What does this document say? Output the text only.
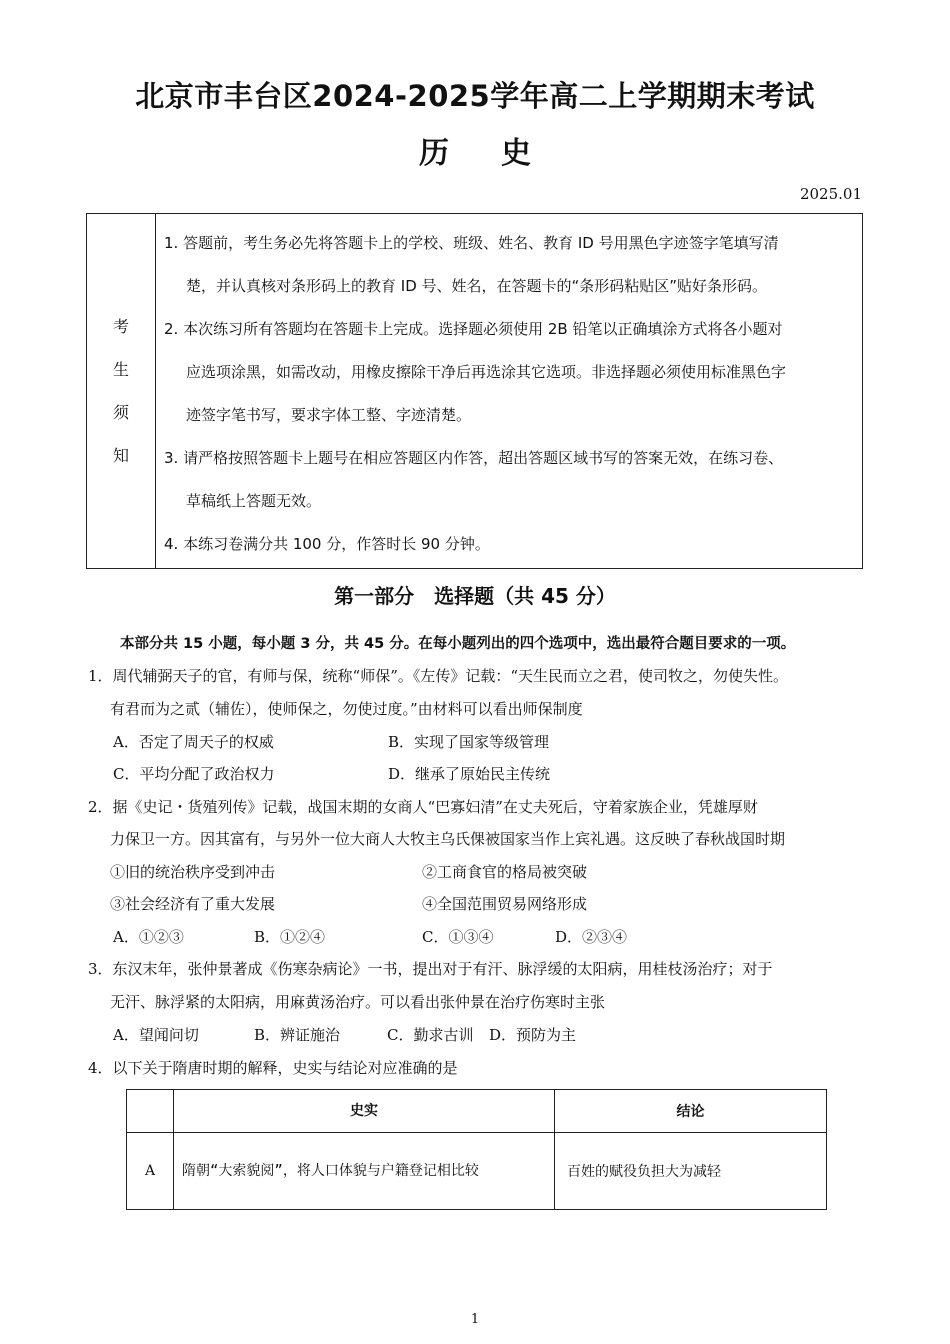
北京市丰台区2024-2025学年高二上学期期末考试
历史
2025.01
考
生
须
知
1. 答题前，考生务必先将答题卡上的学校、班级、姓名、教育 ID 号用黑色字迹签字笔填写清
楚，并认真核对条形码上的教育 ID 号、姓名，在答题卡的“条形码粘贴区”贴好条形码。
2. 本次练习所有答题均在答题卡上完成。选择题必须使用 2B 铅笔以正确填涂方式将各小题对
应选项涂黑，如需改动，用橡皮擦除干净后再选涂其它选项。非选择题必须使用标准黑色字
迹签字笔书写，要求字体工整、字迹清楚。
3. 请严格按照答题卡上题号在相应答题区内作答，超出答题区域书写的答案无效，在练习卷、
草稿纸上答题无效。
4. 本练习卷满分共 100 分，作答时长 90 分钟。
第一部分　选择题（共 45 分）
本部分共 15 小题，每小题 3 分，共 45 分。在每小题列出的四个选项中，选出最符合题目要求的一项。
1．周代辅弼天子的官，有师与保，统称“师保”。《左传》记载：“天生民而立之君，使司牧之，勿使失性。
有君而为之贰（辅佐），使师保之，勿使过度。”由材料可以看出师保制度
A．否定了周天子的权威	B．实现了国家等级管理
C．平均分配了政治权力	D．继承了原始民主传统
2．据《史记・货殖列传》记载，战国末期的女商人“巴寡妇清”在丈夫死后，守着家族企业，凭雄厚财
力保卫一方。因其富有，与另外一位大商人大牧主乌氏倮被国家当作上宾礼遇。这反映了春秋战国时期
①旧的统治秩序受到冲击	②工商食官的格局被突破
③社会经济有了重大发展	④全国范围贸易网络形成
A．①②③	B．①②④	C．①③④	D．②③④
3．东汉末年，张仲景著成《伤寒杂病论》一书，提出对于有汗、脉浮缓的太阳病，用桂枝汤治疗；对于
无汗、脉浮紧的太阳病，用麻黄汤治疗。可以看出张仲景在治疗伤寒时主张
A．望闻问切	B．辨证施治	C．勤求古训 D．预防为主
4．以下关于隋唐时期的解释，史实与结论对应准确的是
	史实	结论
A	隋朝“大索貌阅”，将人口体貌与户籍登记相比较	百姓的赋役负担大为减轻
1
